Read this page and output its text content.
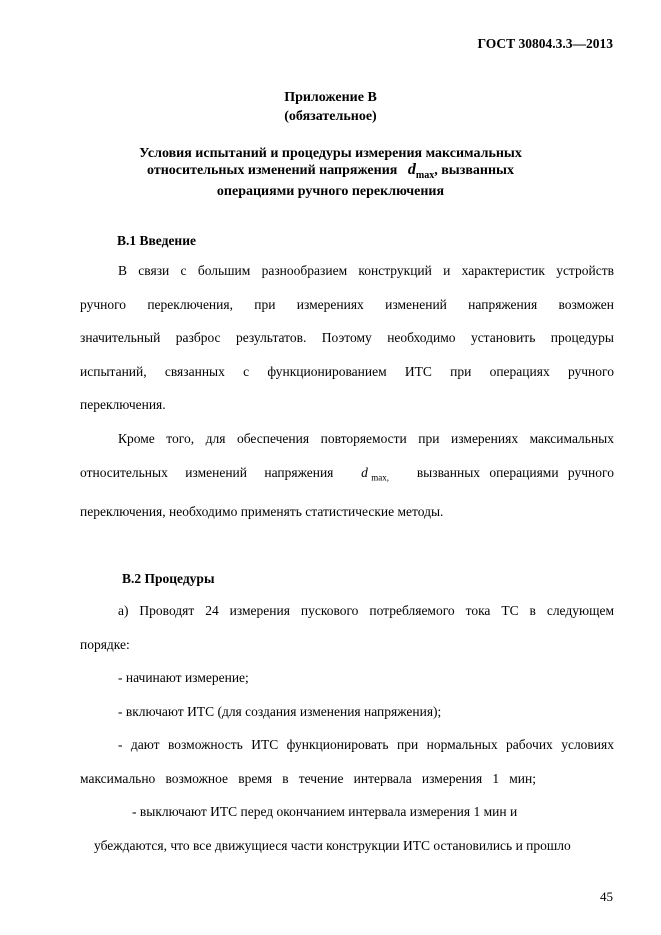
ГОСТ 30804.3.3—2013
Приложение В
(обязательное)
Условия испытаний и процедуры измерения максимальных
относительных изменений напряжения $d_{max}$, вызванных
операциями ручного переключения
В.1 Введение
В связи с большим разнообразием конструкций и характеристик устройств
ручного переключения, при измерениях изменений напряжения возможен
значительный разброс результатов. Поэтому необходимо установить процедуры
испытаний, связанных с функционированием ИТС при операциях ручного
переключения.
Кроме того, для обеспечения повторяемости при измерениях максимальных
относительных изменений напряжения d $_{max,}$ вызванных операциями ручного
переключения, необходимо применять статистические методы.
В.2 Процедуры
а) Проводят 24 измерения пускового потребляемого тока ТС в следующем
порядке:
- начинают измерение;
- включают ИТС (для создания изменения напряжения);
- дают возможность ИТС функционировать при нормальных рабочих условиях
максимально возможное время в течение интервала измерения 1 мин;
- выключают ИТС перед окончанием интервала измерения 1 мин и
убеждаются, что все движущиеся части конструкции ИТС остановились и прошло
45
